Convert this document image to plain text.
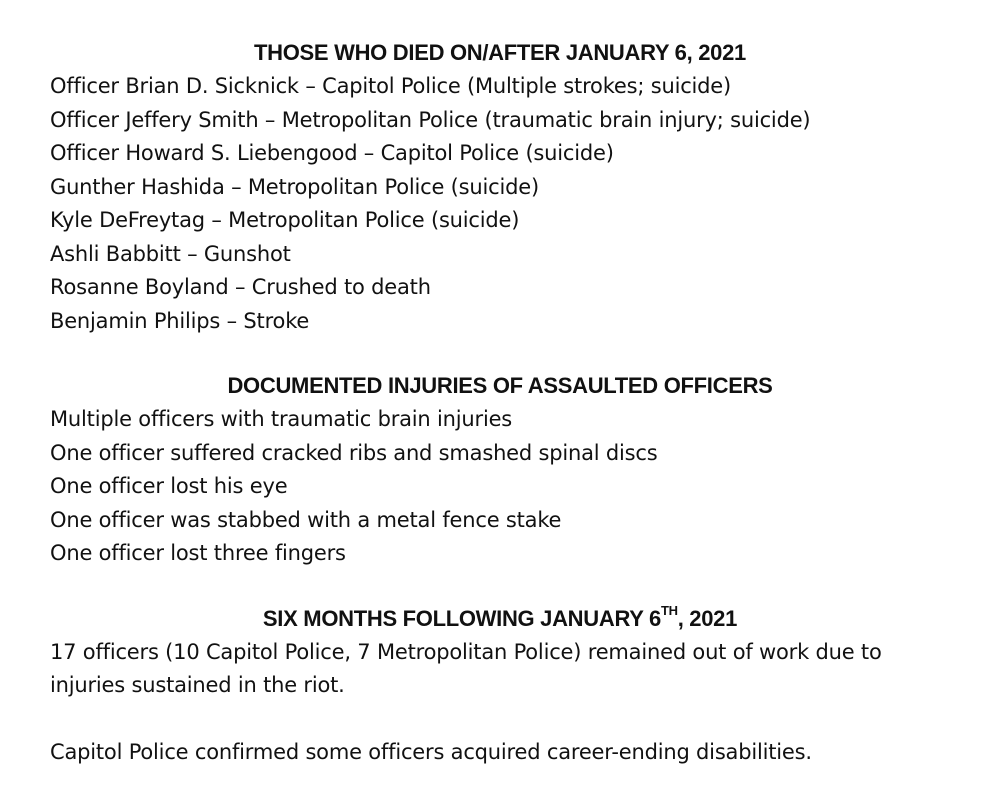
THOSE WHO DIED ON/AFTER JANUARY 6, 2021

Officer Brian D. Sicknick – Capitol Police (Multiple strokes; suicide)

Officer Jeffery Smith – Metropolitan Police (traumatic brain injury; suicide)

Officer Howard S. Liebengood – Capitol Police (suicide)

Gunther Hashida – Metropolitan Police (suicide)

Kyle DeFreytag – Metropolitan Police (suicide)

Ashli Babbitt – Gunshot

Rosanne Boyland – Crushed to death

Benjamin Philips – Stroke

DOCUMENTED INJURIES OF ASSAULTED OFFICERS

Multiple officers with traumatic brain injuries

One officer suffered cracked ribs and smashed spinal discs

One officer lost his eye

One officer was stabbed with a metal fence stake

One officer lost three fingers

SIX MONTHS FOLLOWING JANUARY 6TH, 2021

17 officers (10 Capitol Police, 7 Metropolitan Police) remained out of work due to injuries sustained in the riot.

Capitol Police confirmed some officers acquired career-ending disabilities.
